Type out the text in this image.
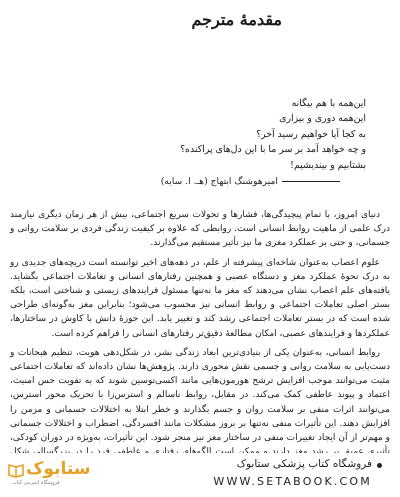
مقدمهٔ مترجم
این‌همه با هم بیگانه
این‌همه دوری و بیزاری
به کجا آیا خواهیم رسید آخر؟
و چه خواهد آمد بر سر ما با این دل‌های پراکنده؟
بشتابیم و بیندیشیم!
امیرهوشنگ ابتهاج (هـ. ا. سایه)

دنیای امروز، با تمام پیچیدگی‌ها، فشارها و تحولات سریع اجتماعی، بیش از هر زمان دیگری نیازمند درک علمی از ماهیت روابط انسانی است. روابطی که علاوه بر کیفیت زندگی فردی بر سلامت روانی و جسمانی، و حتی بر عملکرد مغزی ما نیز تأثیر مستقیم می‌گذارند.

علوم اعصاب به‌عنوان شاخه‌ای پیشرفته از علم، در دهه‌های اخیر توانسته است دریچه‌های جدیدی رو به درک نحوهٔ عملکرد مغز و دستگاه عصبی و همچنین رفتارهای انسانی و تعاملات اجتماعی بگشاید. یافته‌های علم اعصاب نشان می‌دهند که مغز ما نه‌تنها مسئول فرایندهای زیستی و شناختی است، بلکه بستر اصلی تعاملات اجتماعی و روابط انسانی نیز محسوب می‌شود؛ بنابراین مغز به‌گونه‌ای طراحی شده است که در بستر تعاملات اجتماعی رشد کند و تغییر یابد. این حوزهٔ دانش با کاوش در ساختارها، عملکردها و فرایندهای عصبی، امکان مطالعهٔ دقیق‌تر رفتارهای انسانی را فراهم کرده است.

روابط انسانی، به‌عنوان یکی از بنیادی‌ترین ابعاد زندگی بشر، در شکل‌دهی هویت، تنظیم هیجانات و دست‌یابی به سلامت روانی و جسمی نقش محوری دارند. پژوهش‌ها نشان داده‌اند که تعاملات اجتماعی مثبت می‌توانند موجب افزایش ترشح هورمون‌هایی مانند اکسی‌توسین شوند که به تقویت حس امنیت، اعتماد و پیوند عاطفی کمک می‌کند. در مقابل، روابط ناسالم و استرس‌زا با تحریک محور استرس، می‌توانند اثرات منفی بر سلامت روان و جسم بگذارند و خطر ابتلا به اختلالات جسمانی و مزمن را افزایش دهند. این تأثیرات منفی نه‌تنها بر بروز مشکلات مانند افسردگی، اضطراب و اختلالات جسمانی و مهم‌تر از آن ایجاد تغییرات منفی در ساختار مغز نیز منجر شود. این تأثیرات، به‌ویژه در دوران کودکی،

ستابوک
فروشگاه اینترنتی کتاب
فروشگاه کتاب پزشکی ستابوک
WWW.SETABOOK.COM
